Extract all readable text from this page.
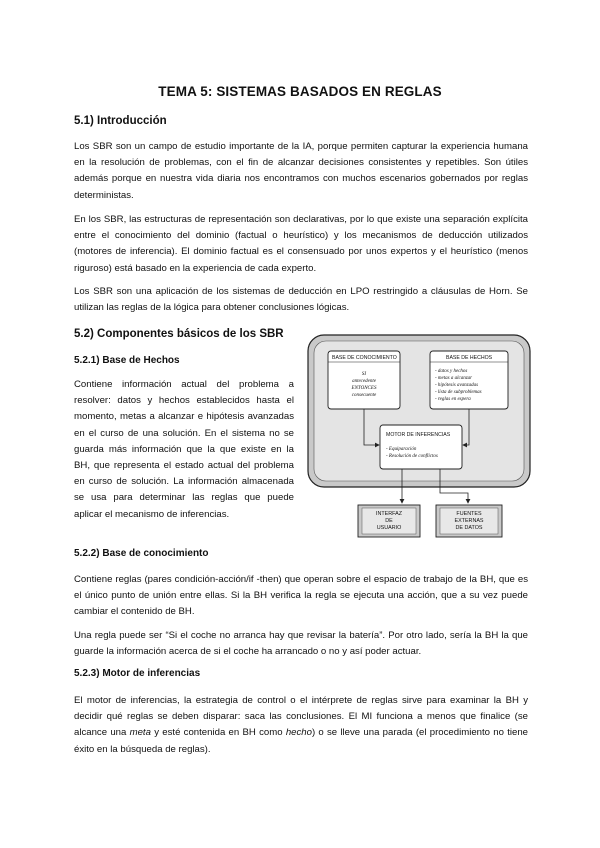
TEMA 5: SISTEMAS BASADOS EN REGLAS
5.1) Introducción

Los SBR son un campo de estudio importante de la IA, porque permiten capturar la experiencia humana en la resolución de problemas, con el fin de alcanzar decisiones consistentes y repetibles. Son útiles además porque en nuestra vida diaria nos encontramos con muchos escenarios gobernados por reglas deterministas.

En los SBR, las estructuras de representación son declarativas, por lo que existe una separación explícita entre el conocimiento del dominio (factual o heurístico) y los mecanismos de deducción utilizados (motores de inferencia). El dominio factual es el consensuado por unos expertos y el heurístico (menos riguroso) está basado en la experiencia de cada experto.

Los SBR son una aplicación de los sistemas de deducción en LPO restringido a cláusulas de Horn. Se utilizan las reglas de la lógica para obtener conclusiones lógicas.

5.2) Componentes básicos de los SBR
5.2.1) Base de Hechos

Contiene información actual del problema a resolver: datos y hechos establecidos hasta el momento, metas a alcanzar e hipótesis avanzadas en el curso de una solución. En el sistema no se guarda más información que la que existe en la BH, que representa el estado actual del problema en curso de solución. La información almacenada se usa para determinar las reglas que puede aplicar el mecanismo de inferencias.

BASE DE CONOCIMIENTO
SI
antecedente
ENTONCES
consecuente
BASE DE HECHOS
- datos y hechos
- metas a alcanzar
- hipótesis avanzadas
- lista de subproblemas
- reglas en espera
MOTOR DE INFERENCIAS
- Equiparación
- Resolución de conflictos
INTERFAZ
DE
USUARIO
FUENTES
EXTERNAS
DE DATOS
5.2.2) Base de conocimiento

Contiene reglas (pares condición-acción/if -then) que operan sobre el espacio de trabajo de la BH, que es el único punto de unión entre ellas. Si la BH verifica la regla se ejecuta una acción, que a su vez puede cambiar el contenido de BH.

Una regla puede ser “Si el coche no arranca hay que revisar la batería”. Por otro lado, sería la BH la que guarde la información acerca de si el coche ha arrancado o no y así poder actuar.

5.2.3) Motor de inferencias

El motor de inferencias, la estrategia de control o el intérprete de reglas sirve para examinar la BH y decidir qué reglas se deben disparar: saca las conclusiones. El MI funciona a menos que finalice (se alcance una meta y esté contenida en BH como hecho) o se lleve una parada (el procedimiento no tiene éxito en la búsqueda de reglas).
